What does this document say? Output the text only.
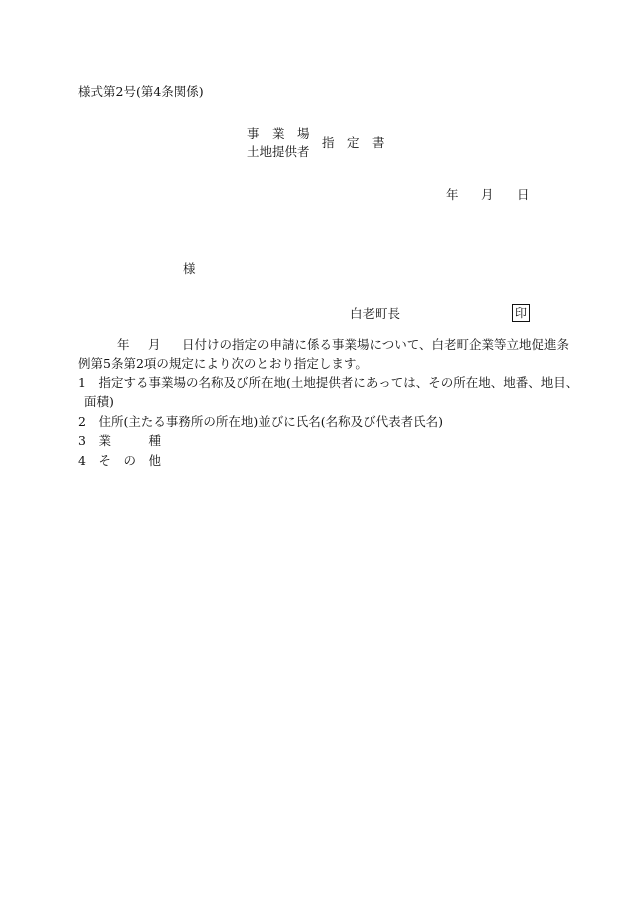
様式第2号(第4条関係)
事　業　場
土地提供者
指　定　書
年 月 日
様
白老町長	印
年 月 日付けの指定の申請に係る事業場について、白老町企業等立地促進条
例第5条第2項の規定により次のとおり指定します。
1　指定する事業場の名称及び所在地(土地提供者にあっては、その所在地、地番、地目、
面積)
2　住所(主たる事務所の所在地)並びに氏名(名称及び代表者氏名)
3　業　　　種
4　そ　の　他
